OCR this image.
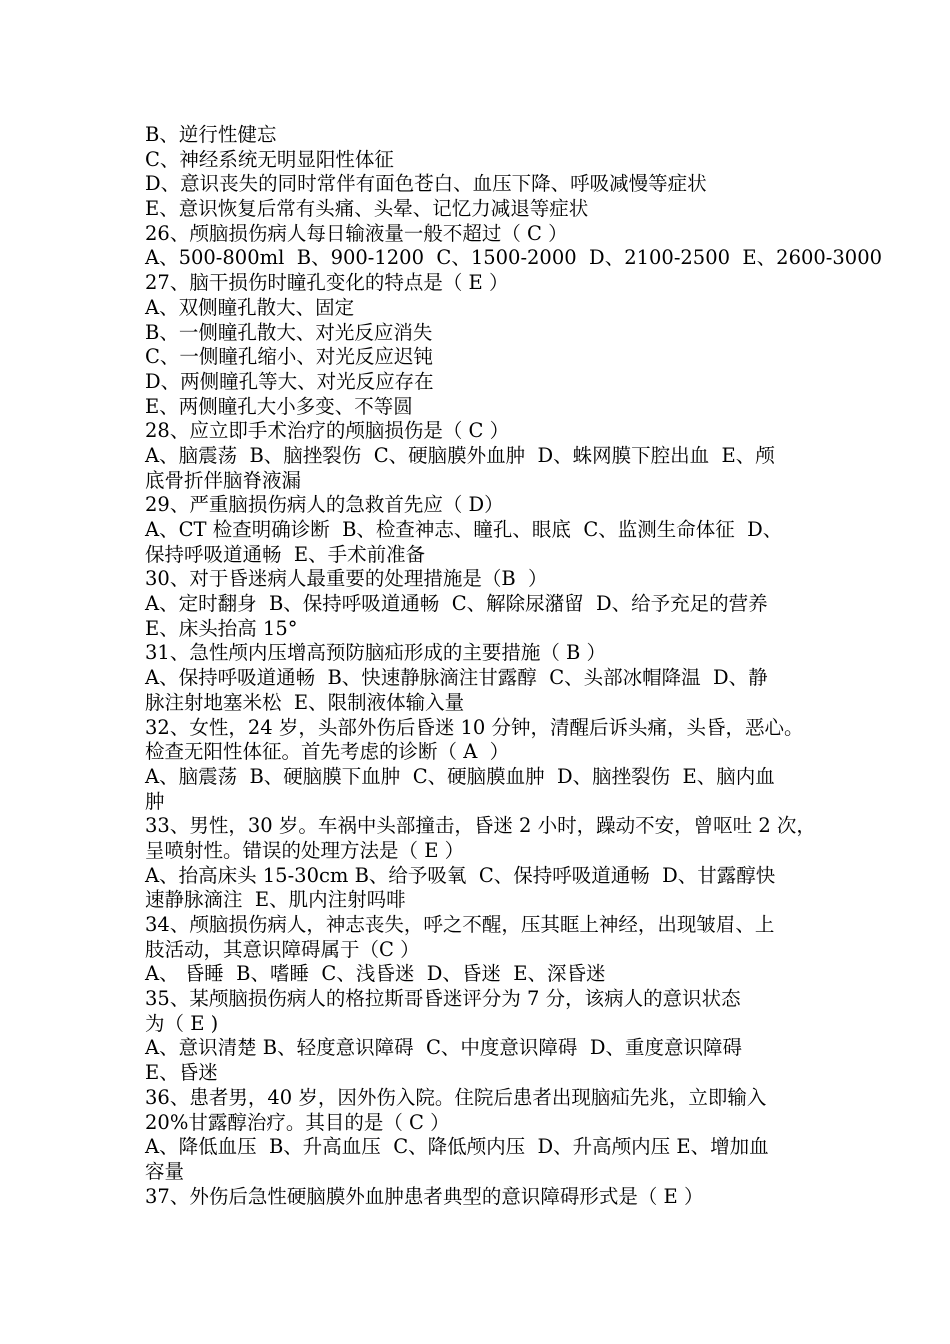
B、逆行性健忘
C、神经系统无明显阳性体征
D、意识丧失的同时常伴有面色苍白、血压下降、呼吸减慢等症状
E、意识恢复后常有头痛、头晕、记忆力减退等症状
26、颅脑损伤病人每日输液量一般不超过（ C ）
A、500-800ml  B、900-1200  C、1500-2000  D、2100-2500  E、2600-3000
27、脑干损伤时瞳孔变化的特点是（ E ）
A、双侧瞳孔散大、固定
B、一侧瞳孔散大、对光反应消失
C、一侧瞳孔缩小、对光反应迟钝
D、两侧瞳孔等大、对光反应存在
E、两侧瞳孔大小多变、不等圆
28、应立即手术治疗的颅脑损伤是（ C ）
A、脑震荡  B、脑挫裂伤  C、硬脑膜外血肿  D、蛛网膜下腔出血  E、颅
底骨折伴脑脊液漏
29、严重脑损伤病人的急救首先应（ D）
A、CT 检查明确诊断  B、检查神志、瞳孔、眼底  C、监测生命体征  D、
保持呼吸道通畅  E、手术前准备
30、对于昏迷病人最重要的处理措施是（B  ）
A、定时翻身  B、保持呼吸道通畅  C、解除尿潴留  D、给予充足的营养
E、床头抬高 15°
31、急性颅内压增高预防脑疝形成的主要措施（ B ）
A、保持呼吸道通畅  B、快速静脉滴注甘露醇  C、头部冰帽降温  D、静
脉注射地塞米松  E、限制液体输入量
32、女性，24 岁，头部外伤后昏迷 10 分钟，清醒后诉头痛，头昏，恶心。
检查无阳性体征。首先考虑的诊断（ A  ）
A、脑震荡  B、硬脑膜下血肿  C、硬脑膜血肿  D、脑挫裂伤  E、脑内血
肿
33、男性，30 岁。车祸中头部撞击，昏迷 2 小时，躁动不安，曾呕吐 2 次，
呈喷射性。错误的处理方法是（ E ）
A、抬高床头 15-30cm B、给予吸氧  C、保持呼吸道通畅  D、甘露醇快
速静脉滴注  E、肌内注射吗啡
34、颅脑损伤病人，神志丧失，呼之不醒，压其眶上神经，出现皱眉、上
肢活动，其意识障碍属于（C ）
A、 昏睡  B、嗜睡  C、浅昏迷  D、昏迷  E、深昏迷
35、某颅脑损伤病人的格拉斯哥昏迷评分为 7 分，该病人的意识状态
为（ E )
A、意识清楚 B、轻度意识障碍  C、中度意识障碍  D、重度意识障碍
E、昏迷
36、患者男，40 岁，因外伤入院。住院后患者出现脑疝先兆，立即输入
20%甘露醇治疗。其目的是（ C ）
A、降低血压  B、升高血压  C、降低颅内压  D、升高颅内压 E、增加血
容量
37、外伤后急性硬脑膜外血肿患者典型的意识障碍形式是（ E ）
